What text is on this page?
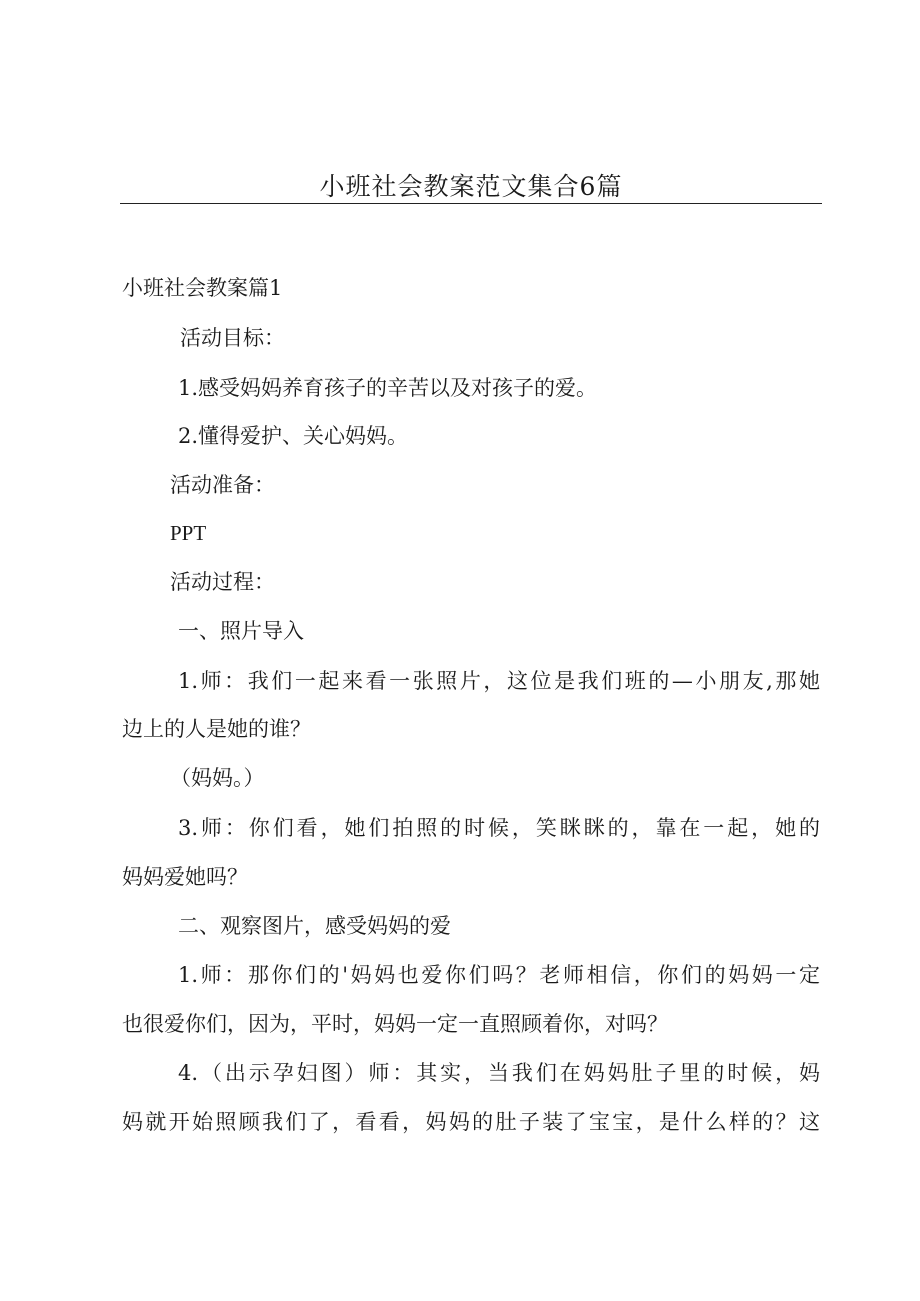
小班社会教案范文集合6篇
小班社会教案篇1
活动目标：
1.感受妈妈养育孩子的辛苦以及对孩子的爱。
2.懂得爱护、关心妈妈。
活动准备：
PPT
活动过程：
一、照片导入
1.师：我们一起来看一张照片，这位是我们班的—小朋友,那她
边上的人是她的谁？
（妈妈。）
3.师：你们看，她们拍照的时候，笑眯眯的，靠在一起，她的
妈妈爱她吗？
二、观察图片，感受妈妈的爱
1.师：那你们的'妈妈也爱你们吗？老师相信，你们的妈妈一定
也很爱你们，因为，平时，妈妈一定一直照顾着你，对吗？
4.（出示孕妇图）师：其实，当我们在妈妈肚子里的时候，妈
妈就开始照顾我们了，看看，妈妈的肚子装了宝宝，是什么样的？这
